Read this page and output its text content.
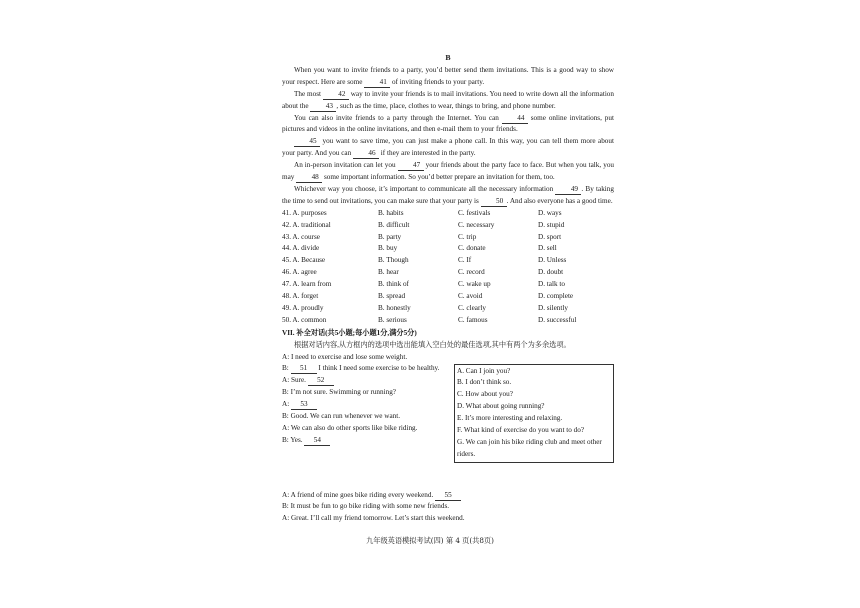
B

When you want to invite friends to a party, you’d better send them invitations. This is a good way to show your respect. Here are some 41 of inviting friends to your party.

The most 42 way to invite your friends is to mail invitations. You need to write down all the information about the 43 , such as the time, place, clothes to wear, things to bring, and phone number.

You can also invite friends to a party through the Internet. You can 44 some online invitations, put pictures and videos in the online invitations, and then e-mail them to your friends.

45 you want to save time, you can just make a phone call. In this way, you can tell them more about your party. And you can 46 if they are interested in the party.

An in-person invitation can let you 47 your friends about the party face to face. But when you talk, you may 48 some important information. So you’d better prepare an invitation for them, too.

Whichever way you choose, it’s important to communicate all the necessary information 49 . By taking the time to send out invitations, you can make sure that your party is 50 . And also everyone has a good time.

41. A. purposes	B. habits	C. festivals	D. ways
42. A. traditional	B. difficult	C. necessary	D. stupid
43. A. course	B. party	C. trip	D. sport
44. A. divide	B. buy	C. donate	D. sell
45. A. Because	B. Though	C. If	D. Unless
46. A. agree	B. hear	C. record	D. doubt
47. A. learn from	B. think of	C. wake up	D. talk to
48. A. forget	B. spread	C. avoid	D. complete
49. A. proudly	B. honestly	C. clearly	D. silently
50. A. common	B. serious	C. famous	D. successful
VII. 补全对话(共5小题;每小题1分,满分5分)
根据对话内容,从方框内的选项中选出能填入空白处的最佳选项,其中有两个为多余选项。
A: I need to exercise and lose some weight.
B: 51 I think I need some exercise to be healthy.
A: Sure. 52
B: I’m not sure. Swimming or running?
A: 53
B: Good. We can run whenever we want.
A: We can also do other sports like bike riding.
B: Yes. 54
A. Can I join you?
B. I don’t think so.
C. How about you?
D. What about going running?
E. It’s more interesting and relaxing.
F. What kind of exercise do you want to do?
G. We can join his bike riding club and meet other riders.
A: A friend of mine goes bike riding every weekend. 55
B: It must be fun to go bike riding with some new friends.
A: Great. I’ll call my friend tomorrow. Let’s start this weekend.
九年级英语模拟考试(四) 第 4 页(共8页)
